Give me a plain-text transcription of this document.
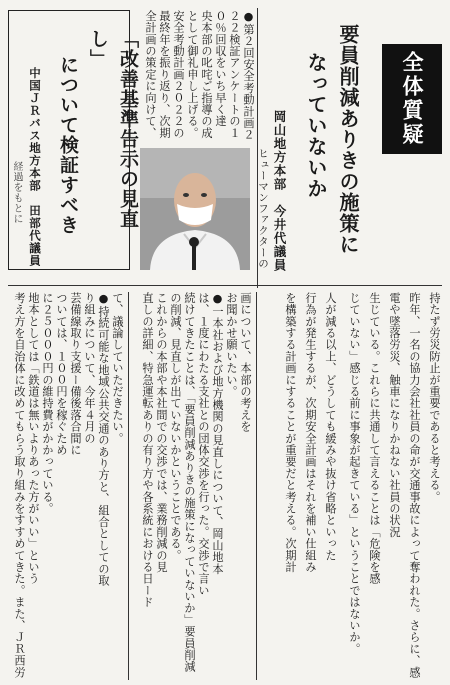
全体質疑
要員削減ありきの施策に
なっていないか
岡山地方本部　今井代議員
●第２回安全考動計画２
２２検証アンケートの１
０％回収をいち早く達
央本部の叱咤ご指導の成
として御礼申し上げる。
安全考動計画２０２２の
最終年を振り返り、次期
全計画の策定に向けて、
ヒューマンファクターの
「改善基準告示の見直し」
について検証すべき
中国ＪＲバス地方本部　田部代議員
経過をもとに
持たず労災防止が重要であると考える。
昨年、一名の協力会社社員の命が交通事故によって奪われた。さらに、感
電や墜落労災、触車になりかねない社員の状況
生じている。これらに共通して言えることは「危険を感
じていない」感じる前に事象が起きている」ということではないか。
人が減る以上、どうしても緩みや抜け省略といった
行為が発生するが、次期安全計画はそれを補い仕組み
を構築する計画にすることが重要だと考える。次期計
画について、本部の考えを
お聞かせ願いたい。
●一本社および地方機関の見直しについて、岡山地本
は、１度にわたる支社との団体交渉を行った。交渉で言い
続けてきたことは、「要員削減ありきの施策になっていないか」要員削減
の削減、見直しが出ていないかということである。
これからの本部や本社間での交渉では、業務削減の見
直しの詳細、特急運転ありの有り方や各系統における日ード
て、議論していただきたい。
●持続可能な地域公共交通のあり方と、組合としての取
り組みについて、今年４月の
芸備線取り支援ー備後落合間に
ついては、１００円を稼ぐため
に２５０００円の維持費がかかっている。
地本としては「鉄道は無いよりあった方がいい」という
考え方を自治体に改めてもらう取り組みをすすめてきた。また、ＪＲ西労
